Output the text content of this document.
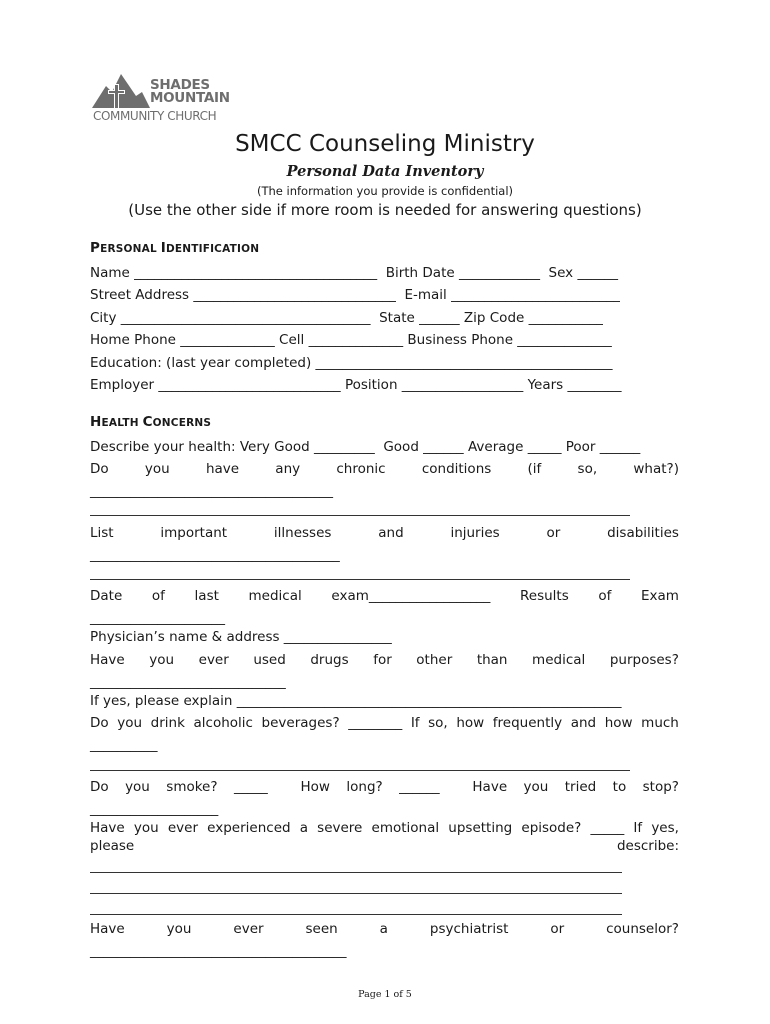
SHADES
MOUNTAIN
COMMUNITY CHURCH
SMCC Counseling Ministry
Personal Data Inventory
(The information you provide is confidential)
(Use the other side if more room is needed for answering questions)
PERSONAL IDENTIFICATION
Name ____________________________________  Birth Date ____________  Sex ______
Street Address ______________________________  E-mail _________________________
City _____________________________________  State ______ Zip Code ___________
Home Phone ______________ Cell ______________ Business Phone ______________
Education: (last year completed) ____________________________________________
Employer ___________________________ Position __________________ Years ________
HEALTH CONCERNS
Describe your health: Very Good _________  Good ______ Average _____ Poor ______
Do	you	have	any	chronic	conditions	(if	so,	what?)
____________________________________
List	important	illnesses	and	injuries	or	disabilities
_____________________________________
Date of last medical exam__________________ Results of Exam
____________________
Physician’s name & address ________________
Have you ever used drugs for other than medical purposes?
_____________________________
If yes, please explain _________________________________________________________
Do you drink alcoholic beverages? ________ If so, how frequently and how much
__________
Do you smoke? _____ How long? ______ Have you tried to stop?
___________________
Have you ever experienced a severe emotional upsetting episode? _____ If yes,
please	describe:
Have	you	ever	seen	a	psychiatrist	or	counselor?
______________________________________
Page 1 of 5
